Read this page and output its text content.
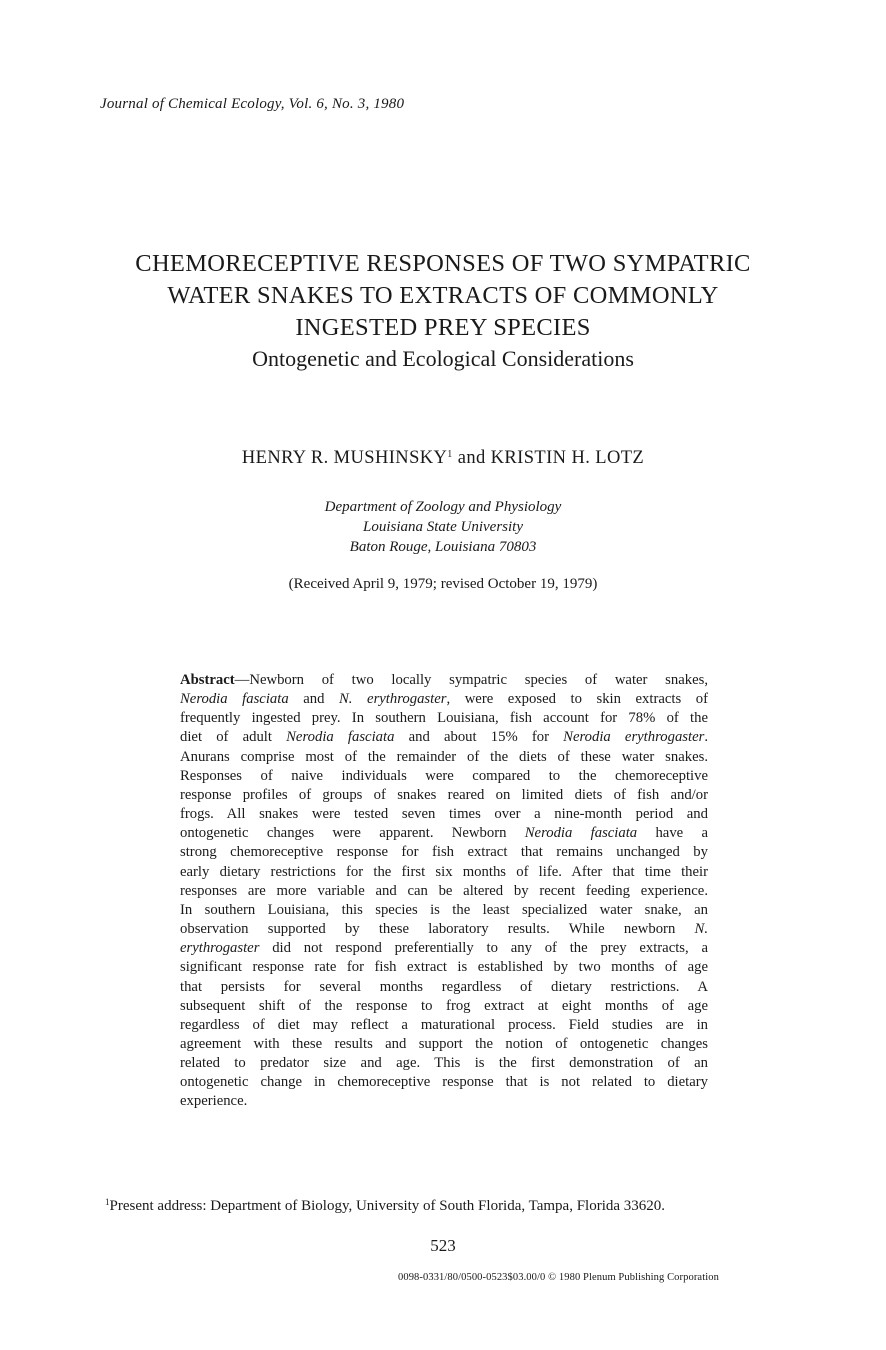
Journal of Chemical Ecology, Vol. 6, No. 3, 1980
CHEMORECEPTIVE RESPONSES OF TWO SYMPATRIC
WATER SNAKES TO EXTRACTS OF COMMONLY
INGESTED PREY SPECIES
Ontogenetic and Ecological Considerations
HENRY R. MUSHINSKY$^1$ and KRISTIN H. LOTZ
Department of Zoology and Physiology
Louisiana State University
Baton Rouge, Louisiana 70803
(Received April 9, 1979; revised October 19, 1979)
Abstract—Newborn of two locally sympatric species of water snakes,
Nerodia fasciata and N. erythrogaster, were exposed to skin extracts of
frequently ingested prey. In southern Louisiana, fish account for 78% of the
diet of adult Nerodia fasciata and about 15% for Nerodia erythrogaster.
Anurans comprise most of the remainder of the diets of these water snakes.
Responses of naive individuals were compared to the chemoreceptive
response profiles of groups of snakes reared on limited diets of fish and/or
frogs. All snakes were tested seven times over a nine-month period and
ontogenetic changes were apparent. Newborn Nerodia fasciata have a
strong chemoreceptive response for fish extract that remains unchanged by
early dietary restrictions for the first six months of life. After that time their
responses are more variable and can be altered by recent feeding experience.
In southern Louisiana, this species is the least specialized water snake, an
observation supported by these laboratory results. While newborn N.
erythrogaster did not respond preferentially to any of the prey extracts, a
significant response rate for fish extract is established by two months of age
that persists for several months regardless of dietary restrictions. A
subsequent shift of the response to frog extract at eight months of age
regardless of diet may reflect a maturational process. Field studies are in
agreement with these results and support the notion of ontogenetic changes
related to predator size and age. This is the first demonstration of an
ontogenetic change in chemoreceptive response that is not related to dietary
experience.
$^1$Present address: Department of Biology, University of South Florida, Tampa, Florida 33620.
523
0098-0331/80/0500-0523$03.00/0 © 1980 Plenum Publishing Corporation
